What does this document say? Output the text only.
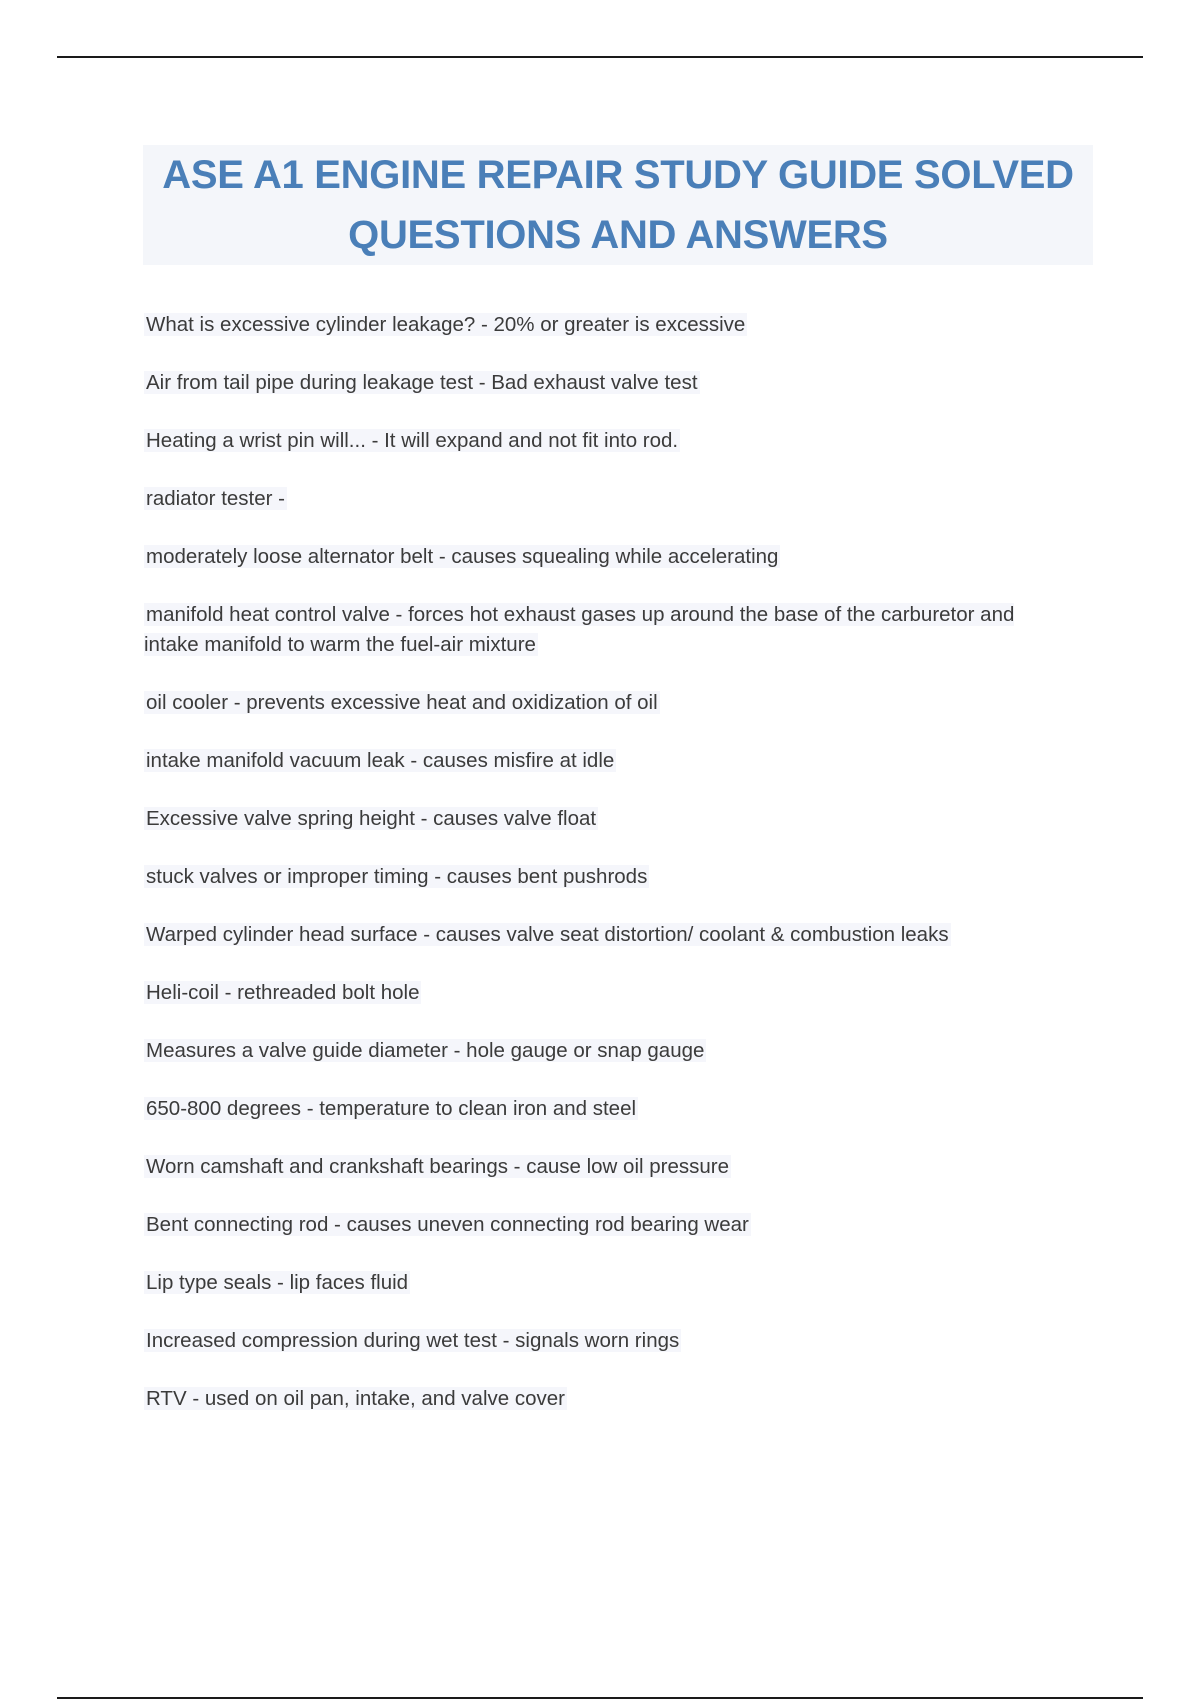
ASE A1 ENGINE REPAIR STUDY GUIDE SOLVED
QUESTIONS AND ANSWERS
What is excessive cylinder leakage? - 20% or greater is excessive
Air from tail pipe during leakage test - Bad exhaust valve test
Heating a wrist pin will... - It will expand and not fit into rod.
radiator tester -
moderately loose alternator belt - causes squealing while accelerating
manifold heat control valve - forces hot exhaust gases up around the base of the carburetor and intake manifold to warm the fuel-air mixture
oil cooler - prevents excessive heat and oxidization of oil
intake manifold vacuum leak - causes misfire at idle
Excessive valve spring height - causes valve float
stuck valves or improper timing - causes bent pushrods
Warped cylinder head surface - causes valve seat distortion/ coolant & combustion leaks
Heli-coil - rethreaded bolt hole
Measures a valve guide diameter - hole gauge or snap gauge
650-800 degrees - temperature to clean iron and steel
Worn camshaft and crankshaft bearings - cause low oil pressure
Bent connecting rod - causes uneven connecting rod bearing wear
Lip type seals - lip faces fluid
Increased compression during wet test - signals worn rings
RTV - used on oil pan, intake, and valve cover
